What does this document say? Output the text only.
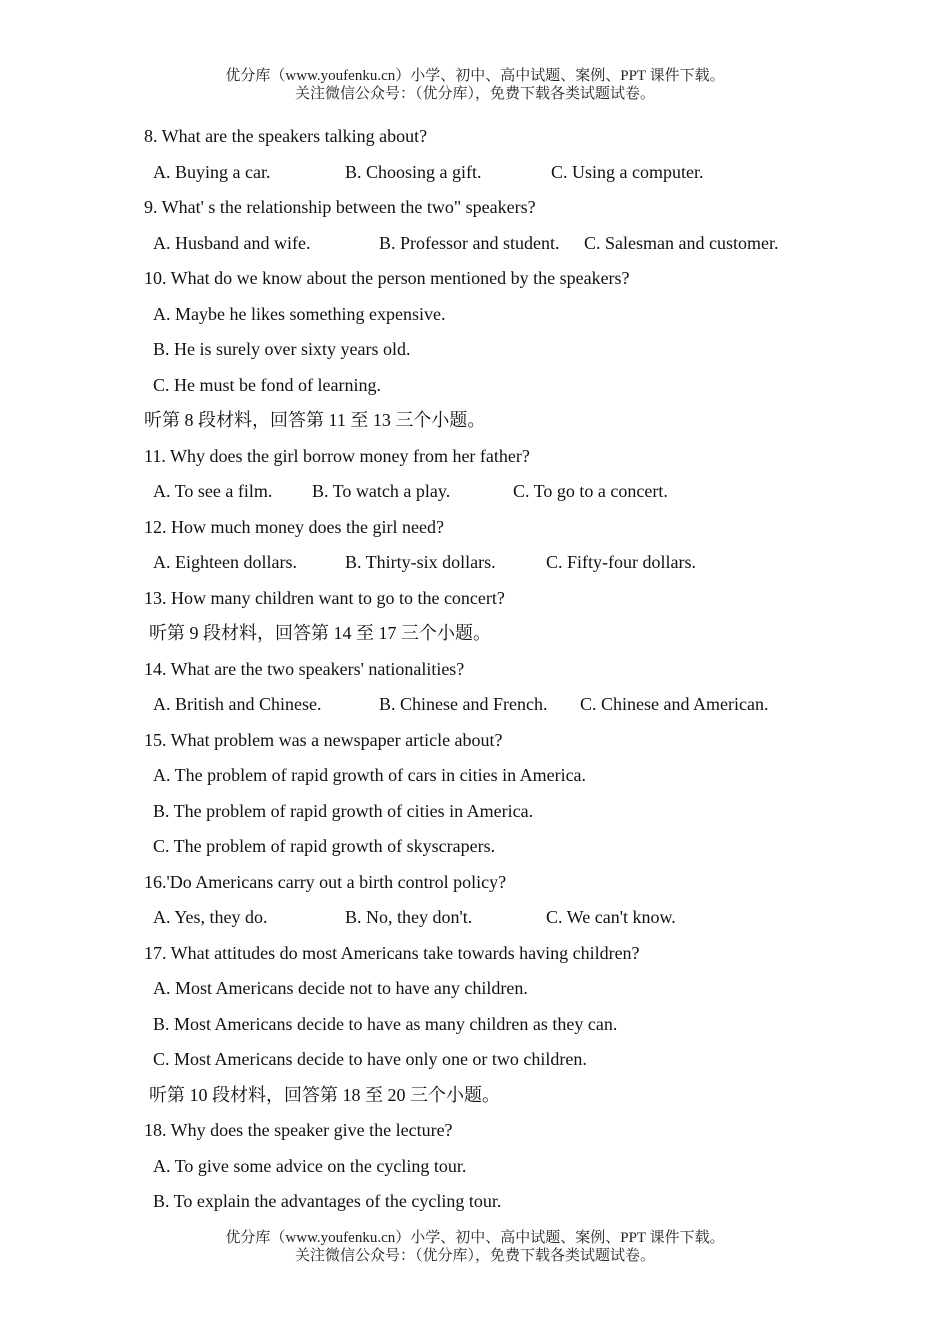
优分库（www.youfenku.cn）小学、初中、高中试题、案例、PPT 课件下载。
关注微信公众号：（优分库），免费下载各类试题试卷。
8. What are the speakers talking about?
A. Buying a car.	B. Choosing a gift.	C. Using a computer.
9. What' s the relationship between the two" speakers?
A. Husband and wife.	B. Professor and student. C. Salesman and customer.
10. What do we know about the person mentioned by the speakers?
A. Maybe he likes something expensive.
B. He is surely over sixty years old.
C. He must be fond of learning.
听第 8 段材料，回答第 11 至 13 三个小题。
11. Why does the girl borrow money from her father?
A. To see a film. B. To watch a play.	C. To go to a concert.
12. How much money does the girl need?
A. Eighteen dollars.	B. Thirty-six dollars.	C. Fifty-four dollars.
13. How many children want to go to the concert?
听第 9 段材料，回答第 14 至 17 三个小题。
14. What are the two speakers' nationalities?
A. British and Chinese.	B. Chinese and French. C. Chinese and American.
15. What problem was a newspaper article about?
A. The problem of rapid growth of cars in cities in America.
B. The problem of rapid growth of cities in America.
C. The problem of rapid growth of skyscrapers.
16.'Do Americans carry out a birth control policy?
A. Yes, they do.	B. No, they don't.	C. We can't know.
17. What attitudes do most Americans take towards having children?
A. Most Americans decide not to have any children.
B. Most Americans decide to have as many children as they can.
C. Most Americans decide to have only one or two children.
听第 10 段材料，回答第 18 至 20 三个小题。
18. Why does the speaker give the lecture?
A. To give some advice on the cycling tour.
B. To explain the advantages of the cycling tour.
优分库（www.youfenku.cn）小学、初中、高中试题、案例、PPT 课件下载。
关注微信公众号：（优分库），免费下载各类试题试卷。
